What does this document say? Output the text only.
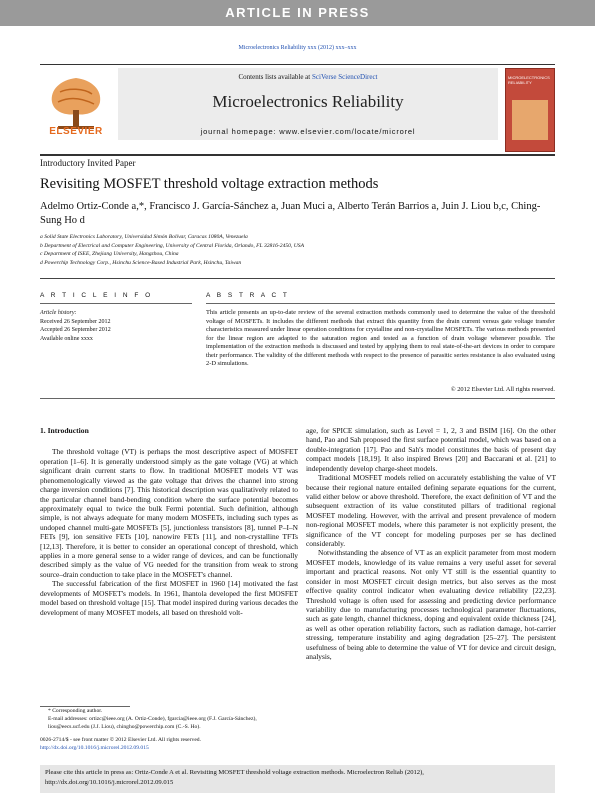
ARTICLE IN PRESS
Microelectronics Reliability xxx (2012) xxx–xxx
ELSEVIER
Contents lists available at SciVerse ScienceDirect
Microelectronics Reliability
journal homepage: www.elsevier.com/locate/microrel
MICROELECTRONICS RELIABILITY
Introductory Invited Paper
Revisiting MOSFET threshold voltage extraction methods
Adelmo Ortiz-Conde a,*, Francisco J. García-Sánchez a, Juan Muci a, Alberto Terán Barrios a, Juin J. Liou b,c, Ching-Sung Ho d
a Solid State Electronics Laboratory, Universidad Simón Bolívar, Caracas 1080A, Venezuela
b Department of Electrical and Computer Engineering, University of Central Florida, Orlando, FL 32816-2450, USA
c Department of ISEE, Zhejiang University, Hangzhou, China
d Powerchip Technology Corp., Hsinchu Science-Based Industrial Park, Hsinchu, Taiwan
A R T I C L E I N F O
Article history:
Received 26 September 2012
Accepted 26 September 2012
Available online xxxx
A B S T R A C T
This article presents an up-to-date review of the several extraction methods commonly used to determine the value of the threshold voltage of MOSFETs. It includes the different methods that extract this quantity from the drain current versus gate voltage transfer characteristics measured under linear operation conditions for crystalline and non-crystalline MOSFETs. The various methods presented for the linear region are adapted to the saturation region and tested as a function of drain voltage whenever possible. The implementation of the extraction methods is discussed and tested by applying them to real state-of-the-art devices in order to compare their performance. The validity of the different methods with respect to the presence of parasitic series resistance is also evaluated using 2-D simulations.
© 2012 Elsevier Ltd. All rights reserved.
1. Introduction

The threshold voltage (VT) is perhaps the most descriptive aspect of MOSFET operation [1–6]. It is generally understood simply as the gate voltage (VG) at which significant drain current starts to flow. In traditional MOSFET models VT was phenomenologically viewed as the gate voltage that drives the channel into strong charge inversion conditions [7]. This historical description was qualitatively related to the particular channel band-bending condition where the surface potential becomes approximately equal to twice the bulk Fermi potential. Such definition, although simple, is not always adequate for many modern MOSFETs, including such types as undoped channel multi-gate MOSFETs [5], junctionless transistors [8], tunnel P–I–N FETs [9], ion sensitive FETs [10], nanowire FETs [11], and non-crystalline TFTs [12,13]. Therefore, it is better to consider an operational concept of threshold, which applies in a more general sense to a wider range of devices, and can be functionally described simply as the value of VG needed for the transition from weak to strong source–drain conduction to take place in the MOSFET's channel.

The successful fabrication of the first MOSFET in 1960 [14] motivated the fast developments of MOSFET's models. In 1961, Ihantola developed the first MOSFET model based on threshold voltage [15]. That model inspired during various decades the development of many MOSFET models, all based on threshold volt-

age, for SPICE simulation, such as Level = 1, 2, 3 and BSIM [16]. On the other hand, Pao and Sah proposed the first surface potential model, which was based on a double-integration [17]. Pao and Sah's model constitutes the basis of present day compact models [18,19]. It also inspired Brews [20] and Baccarani et al. [21] to independently develop charge-sheet models.

Traditional MOSFET models relied on accurately establishing the value of VT because their regional nature entailed defining separate equations for the current, valid either below or above threshold. Therefore, the exact definition of VT and the subsequent extraction of its value constituted pillars of traditional regional MOSFET modeling. However, with the arrival and present prevalence of modern non-regional MOSFET models, where this parameter is not explicitly present, the significance of the VT concept for modeling purposes per se has declined considerably.

Notwithstanding the absence of VT as an explicit parameter from most modern MOSFET models, knowledge of its value remains a very useful asset for several important and practical reasons. Not only VT still is the essential quantity to consider in most MOSFET circuit design metrics, but also serves as the most effective quality control indicator when evaluating device reliability [22,23]. Threshold voltage is often used for assessing and predicting device performance variability due to manufacturing processes technological parameter fluctuations, such as gate length, channel thickness, doping and equivalent oxide thickness [24], as well as other operation reliability factors, such as radiation damage, hot-carrier stressing, temperature instability and aging degradation [25–27]. The persistent usefulness of being able to determine the value of VT for device and circuit design, analysis,

* Corresponding author.
E-mail addresses: ortizc@ieee.org (A. Ortiz-Conde), fgarcia@ieee.org (F.J. García-Sánchez), liou@eecs.ucf.edu (J.J. Liou), chingho@powerchip.com (C.-S. Ho).
0026-2714/$ - see front matter © 2012 Elsevier Ltd. All rights reserved.
http://dx.doi.org/10.1016/j.microrel.2012.09.015
Please cite this article in press as: Ortiz-Conde A et al. Revisiting MOSFET threshold voltage extraction methods. Microelectron Reliab (2012), http://dx.doi.org/10.1016/j.microrel.2012.09.015
